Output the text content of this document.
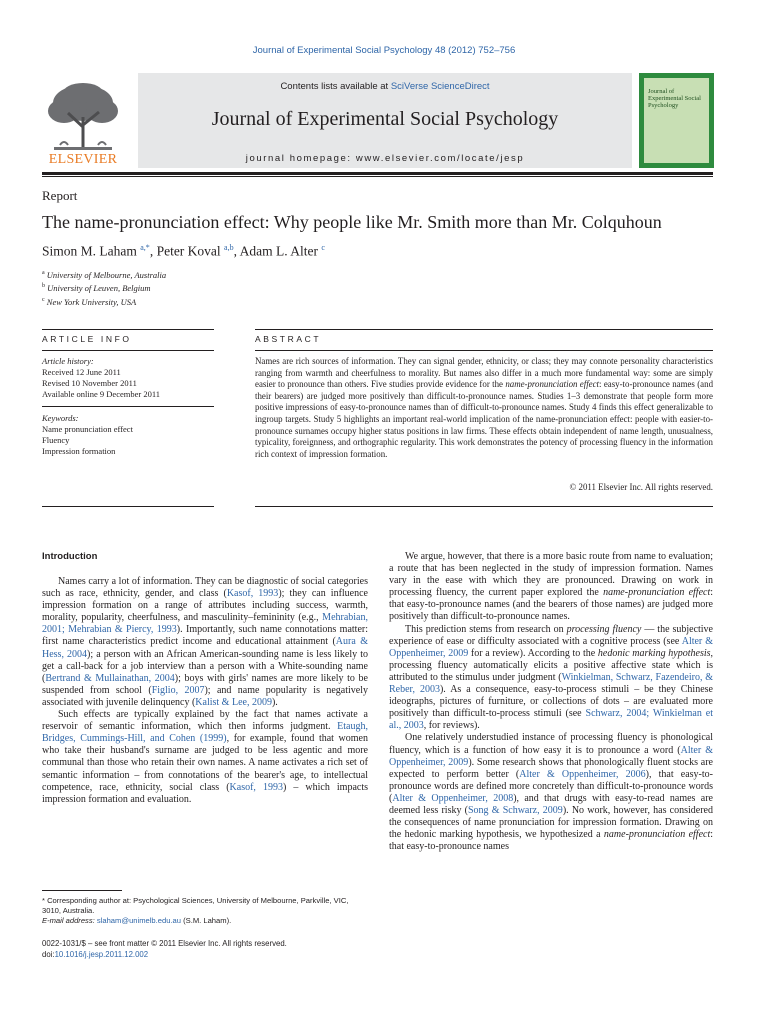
Journal of Experimental Social Psychology 48 (2012) 752–756
Contents lists available at SciVerse ScienceDirect
Journal of Experimental Social Psychology
journal homepage: www.elsevier.com/locate/jesp
ELSEVIER
Journal of Experimental Social Psychology
Report
The name-pronunciation effect: Why people like Mr. Smith more than Mr. Colquhoun
Simon M. Laham $^{a,*}$, Peter Koval $^{a,b}$, Adam L. Alter $^c$
$^a$ University of Melbourne, Australia
$^b$ University of Leuven, Belgium
$^c$ New York University, USA
ARTICLE INFO	ABSTRACT
Article history:
Received 12 June 2011
Revised 10 November 2011
Available online 9 December 2011
Keywords:
Name pronunciation effect
Fluency
Impression formation
Names are rich sources of information. They can signal gender, ethnicity, or class; they may connote personality characteristics ranging from warmth and cheerfulness to morality. But names also differ in a much more fundamental way: some are simply easier to pronounce than others. Five studies provide evidence for the name-pronunciation effect: easy-to-pronounce names (and their bearers) are judged more positively than difficult-to-pronounce names. Studies 1–3 demonstrate that people form more positive impressions of easy-to-pronounce names than of difficult-to-pronounce names. Study 4 finds this effect generalizable to ingroup targets. Study 5 highlights an important real-world implication of the name-pronunciation effect: people with easier-to-pronounce surnames occupy higher status positions in law firms. These effects obtain independent of name length, unusualness, typicality, foreignness, and orthographic regularity. This work demonstrates the potency of processing fluency in the information rich context of impression formation.
© 2011 Elsevier Inc. All rights reserved.
Introduction

Names carry a lot of information. They can be diagnostic of social categories such as race, ethnicity, gender, and class (Kasof, 1993); they can influence impression formation on a range of attributes including success, warmth, morality, popularity, cheerfulness, and masculinity–femininity (e.g., Mehrabian, 2001; Mehrabian & Piercy, 1993). Importantly, such name connotations matter: first name characteristics predict income and educational attainment (Aura & Hess, 2004); a person with an African American-sounding name is less likely to get a call-back for a job interview than a person with a White-sounding name (Bertrand & Mullainathan, 2004); boys with girls' names are more likely to be suspended from school (Figlio, 2007); and name popularity is negatively associated with juvenile delinquency (Kalist & Lee, 2009).

Such effects are typically explained by the fact that names activate a reservoir of semantic information, which then informs judgment. Etaugh, Bridges, Cummings-Hill, and Cohen (1999), for example, found that women who take their husband's surname are judged to be less agentic and more communal than those who retain their own names. A name activates a rich set of semantic information – from connotations of the bearer's age, to intellectual competence, race, ethnicity, social class (Kasof, 1993) – which impacts impression formation and evaluation.

We argue, however, that there is a more basic route from name to evaluation; a route that has been neglected in the study of impression formation. Names vary in the ease with which they are pronounced. Drawing on work in processing fluency, the current paper explored the name-pronunciation effect: that easy-to-pronounce names (and the bearers of those names) are judged more positively than difficult-to-pronounce names.

This prediction stems from research on processing fluency –– the subjective experience of ease or difficulty associated with a cognitive process (see Alter & Oppenheimer, 2009 for a review). According to the hedonic marking hypothesis, processing fluency automatically elicits a positive affective state which is attributed to the stimulus under judgment (Winkielman, Schwarz, Fazendeiro, & Reber, 2003). As a consequence, easy-to-process stimuli – be they Chinese ideographs, pictures of furniture, or collections of dots – are evaluated more positively than difficult-to-process stimuli (see Schwarz, 2004; Winkielman et al., 2003, for reviews).

One relatively understudied instance of processing fluency is phonological fluency, which is a function of how easy it is to pronounce a word (Alter & Oppenheimer, 2009). Some research shows that phonologically fluent stocks are expected to perform better (Alter & Oppenheimer, 2006), that easy-to-pronounce words are defined more concretely than difficult-to-pronounce words (Alter & Oppenheimer, 2008), and that drugs with easy-to-read names are deemed less risky (Song & Schwarz, 2009). No work, however, has considered the consequences of name pronunciation for impression formation. Drawing on the hedonic marking hypothesis, we hypothesized a name-pronunciation effect: that easy-to-pronounce names

* Corresponding author at: Psychological Sciences, University of Melbourne, Parkville, VIC, 3010, Australia.
E-mail address: slaham@unimelb.edu.au (S.M. Laham).
0022-1031/$ – see front matter © 2011 Elsevier Inc. All rights reserved.
doi:10.1016/j.jesp.2011.12.002
